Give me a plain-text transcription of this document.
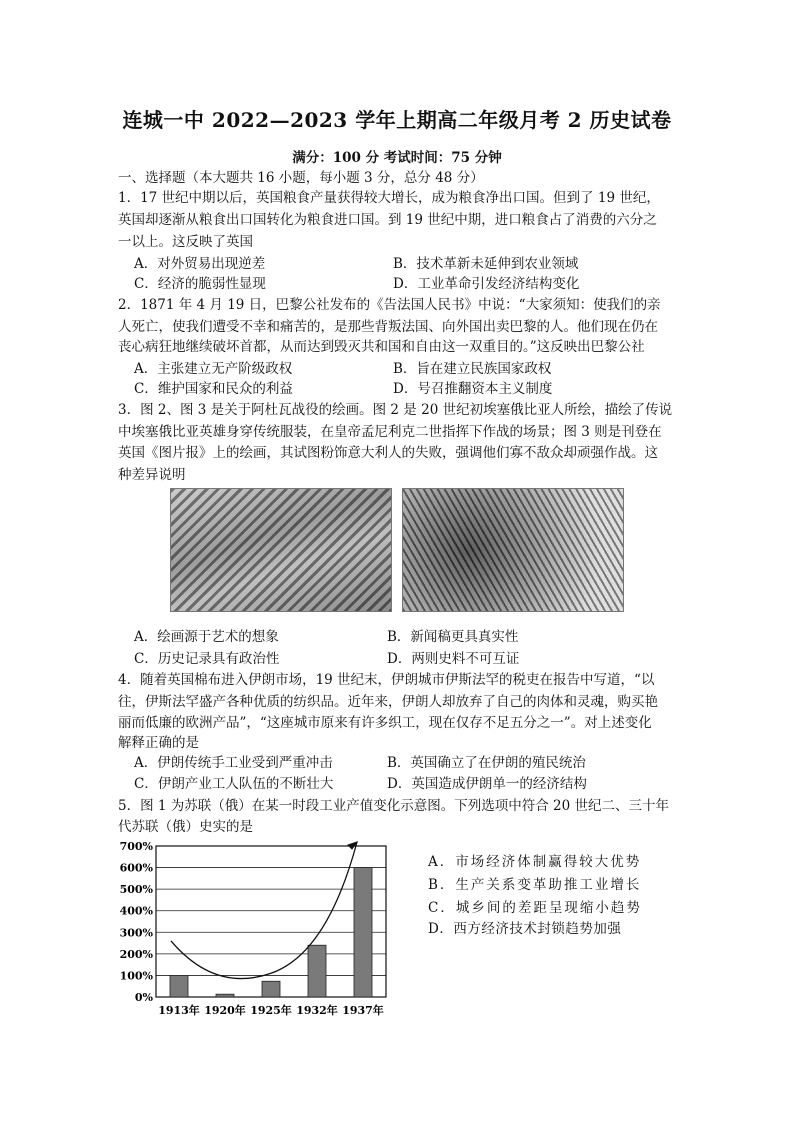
连城一中 2022—2023 学年上期高二年级月考 2 历史试卷
满分：100 分 考试时间：75 分钟
一、选择题（本大题共 16 小题，每小题 3 分，总分 48 分）
1．17 世纪中期以后，英国粮食产量获得较大增长，成为粮食净出口国。但到了 19 世纪，
英国却逐渐从粮食出口国转化为粮食进口国。到 19 世纪中期，进口粮食占了消费的六分之
一以上。这反映了英国
A．对外贸易出现逆差	B．技术革新未延伸到农业领域
C．经济的脆弱性显现	D．工业革命引发经济结构变化
2．1871 年 4 月 19 日，巴黎公社发布的《告法国人民书》中说：“大家须知：使我们的亲
人死亡，使我们遭受不幸和痛苦的，是那些背叛法国、向外国出卖巴黎的人。他们现在仍在
丧心病狂地继续破坏首都，从而达到毁灭共和国和自由这一双重目的。”这反映出巴黎公社
A．主张建立无产阶级政权	B．旨在建立民族国家政权
C．维护国家和民众的利益	D．号召推翻资本主义制度
3．图 2、图 3 是关于阿杜瓦战役的绘画。图 2 是 20 世纪初埃塞俄比亚人所绘，描绘了传说
中埃塞俄比亚英雄身穿传统服装，在皇帝孟尼利克二世指挥下作战的场景；图 3 则是刊登在
英国《图片报》上的绘画，其试图粉饰意大利人的失败，强调他们寡不敌众却顽强作战。这
种差异说明
A．绘画源于艺术的想象	B．新闻稿更具真实性
C．历史记录具有政治性	D．两则史料不可互证
4．随着英国棉布进入伊朗市场，19 世纪末，伊朗城市伊斯法罕的税吏在报告中写道，“以
往，伊斯法罕盛产各种优质的纺织品。近年来，伊朗人却放弃了自己的肉体和灵魂，购买艳
丽而低廉的欧洲产品”，“这座城市原来有许多织工，现在仅存不足五分之一”。对上述变化
解释正确的是
A．伊朗传统手工业受到严重冲击	B．英国确立了在伊朗的殖民统治
C．伊朗产业工人队伍的不断壮大	D．英国造成伊朗单一的经济结构
5．图 1 为苏联（俄）在某一时段工业产值变化示意图。下列选项中符合 20 世纪二、三十年
代苏联（俄）史实的是
0%
100%
200%
300%
400%
500%
600%
700%
1913年 1920年 1925年 1932年 1937年
A．市场经济体制赢得较大优势
B．生产关系变革助推工业增长
C．城乡间的差距呈现缩小趋势
D．西方经济技术封锁趋势加强
